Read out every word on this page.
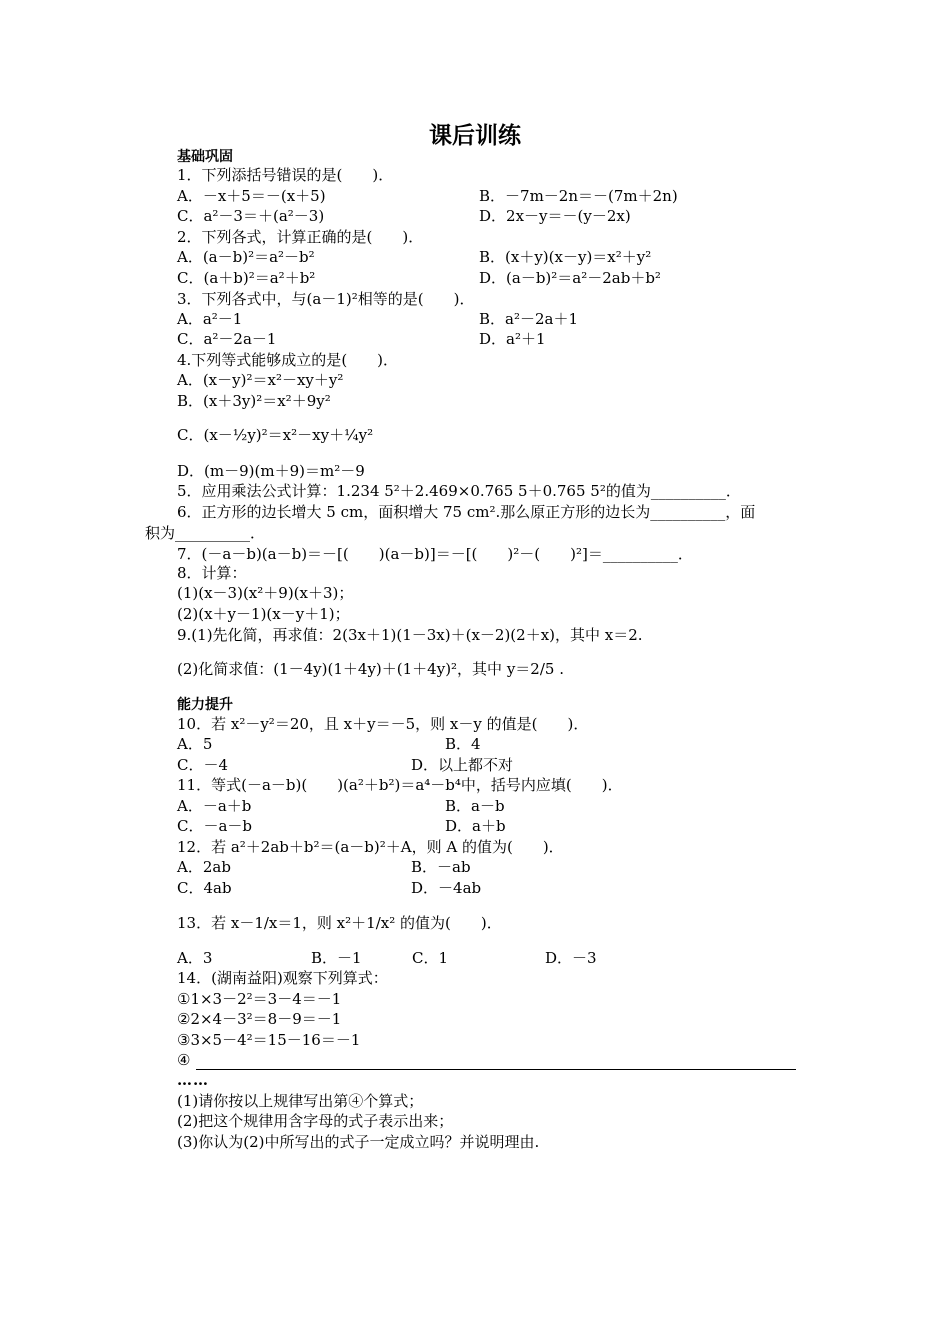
课后训练
基础巩固
1．下列添括号错误的是(　　)．
A．－x＋5＝－(x＋5)	B．－7m－2n＝－(7m＋2n)
C．a²－3＝＋(a²－3)	D．2x－y＝－(y－2x)
2．下列各式，计算正确的是(　　)．
A．(a－b)²＝a²－b²	B．(x＋y)(x－y)＝x²＋y²
C．(a＋b)²＝a²＋b²	D．(a－b)²＝a²－2ab＋b²
3．下列各式中，与(a－1)²相等的是(　　)．
A．a²－1	B．a²－2a＋1
C．a²－2a－1	D．a²＋1
4.下列等式能够成立的是(　　)．
A．(x－y)²＝x²－xy＋y²
B．(x＋3y)²＝x²＋9y²
C．(x－½y)²＝x²－xy＋¼y²
D．(m－9)(m＋9)＝m²－9
5．应用乘法公式计算：1.234 5²＋2.469×0.765 5＋0.765 5²的值为__________．
6．正方形的边长增大 5 cm，面积增大 75 cm².那么原正方形的边长为__________，面
积为__________．
7．(－a－b)(a－b)＝－[(　　)(a－b)]＝－[(　　)²－(　　)²]＝__________．
8．计算：
(1)(x－3)(x²＋9)(x＋3)；
(2)(x＋y－1)(x－y＋1)；
9.(1)先化简，再求值：2(3x＋1)(1－3x)＋(x－2)(2＋x)，其中 x＝2.
(2)化简求值：(1－4y)(1＋4y)＋(1＋4y)²，其中 y＝2/5 .
能力提升
10．若 x²－y²＝20，且 x＋y＝－5，则 x－y 的值是(　　)．
A．5	B．4
C．－4	D．以上都不对
11．等式(－a－b)(　　)(a²＋b²)＝a⁴－b⁴中，括号内应填(　　)．
A．－a＋b	B．a－b
C．－a－b	D．a＋b
12．若 a²＋2ab＋b²＝(a－b)²＋A，则 A 的值为(　　)．
A．2ab	B．－ab
C．4ab	D．－4ab
13．若 x－1/x＝1，则 x²＋1/x² 的值为(　　)．
A．3	B．－1	C．1	D．－3
14．(湖南益阳)观察下列算式：
①1×3－2²＝3－4＝－1
②2×4－3²＝8－9＝－1
③3×5－4²＝15－16＝－1
④
……
(1)请你按以上规律写出第④个算式；
(2)把这个规律用含字母的式子表示出来；
(3)你认为(2)中所写出的式子一定成立吗？并说明理由.
